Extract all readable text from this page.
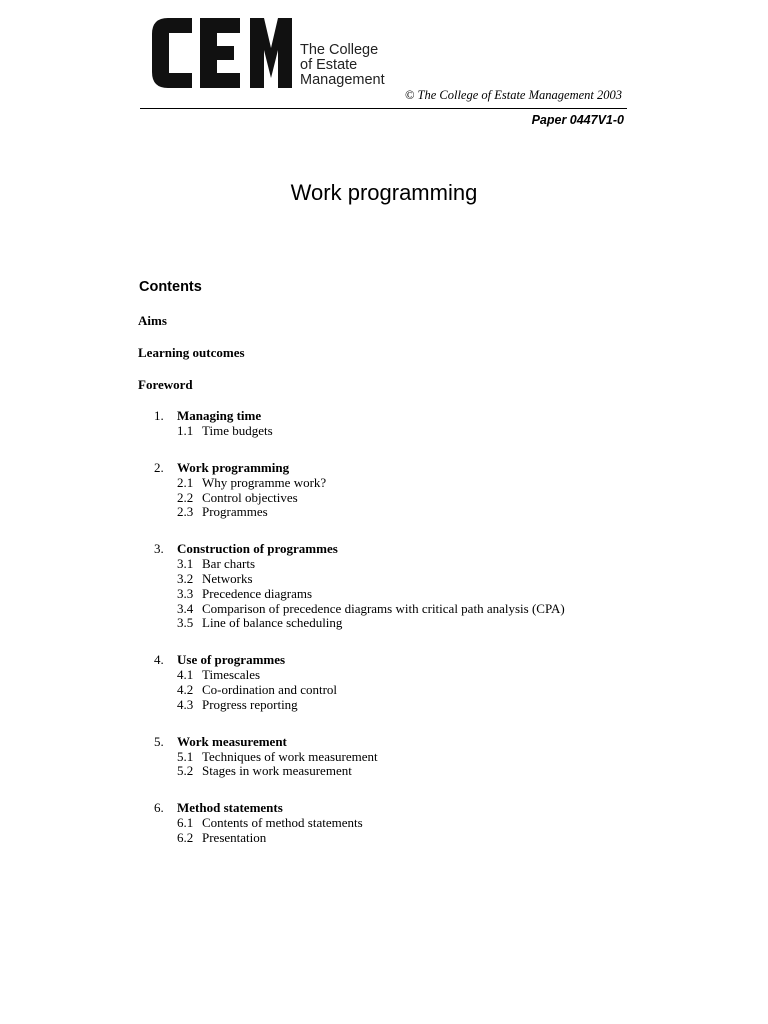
The College
of Estate
Management
© The College of Estate Management 2003
Paper 0447V1-0
Work programming
Contents
Aims
Learning outcomes
Foreword
1. Managing time
1.1 Time budgets
2. Work programming
2.1 Why programme work?
2.2 Control objectives
2.3 Programmes
3. Construction of programmes
3.1 Bar charts
3.2 Networks
3.3 Precedence diagrams
3.4 Comparison of precedence diagrams with critical path analysis (CPA)
3.5 Line of balance scheduling
4. Use of programmes
4.1 Timescales
4.2 Co-ordination and control
4.3 Progress reporting
5. Work measurement
5.1 Techniques of work measurement
5.2 Stages in work measurement
6. Method statements
6.1 Contents of method statements
6.2 Presentation
